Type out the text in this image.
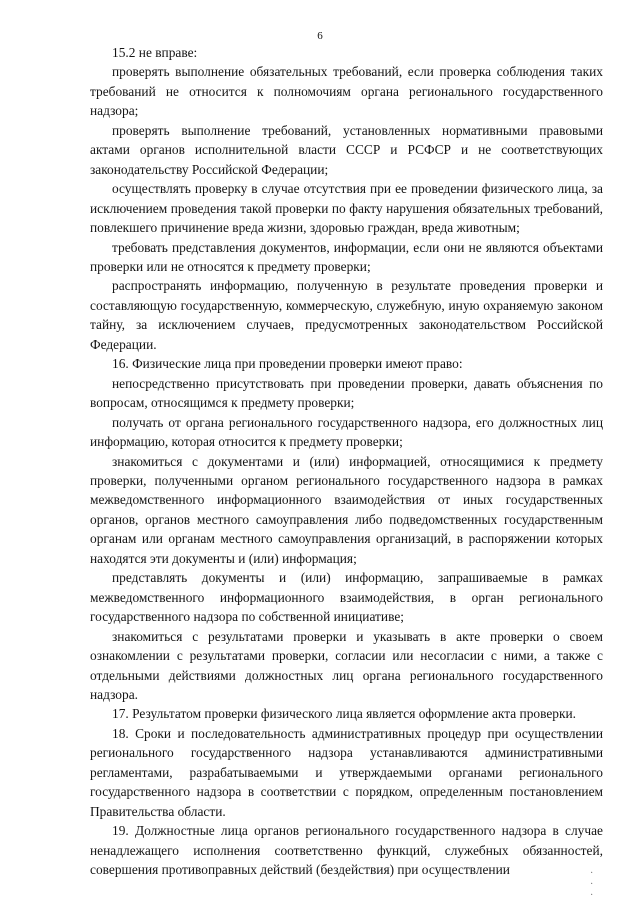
6

15.2 не вправе:

проверять выполнение обязательных требований, если проверка соблюдения таких требований не относится к полномочиям органа регионального государственного надзора;

проверять выполнение требований, установленных нормативными правовыми актами органов исполнительной власти СССР и РСФСР и не соответствующих законодательству Российской Федерации;

осуществлять проверку в случае отсутствия при ее проведении физического лица, за исключением проведения такой проверки по факту нарушения обязательных требований, повлекшего причинение вреда жизни, здоровью граждан, вреда животным;

требовать представления документов, информации, если они не являются объектами проверки или не относятся к предмету проверки;

распространять информацию, полученную в результате проведения проверки и составляющую государственную, коммерческую, служебную, иную охраняемую законом тайну, за исключением случаев, предусмотренных законодательством Российской Федерации.

16. Физические лица при проведении проверки имеют право:

непосредственно присутствовать при проведении проверки, давать объяснения по вопросам, относящимся к предмету проверки;

получать от органа регионального государственного надзора, его должностных лиц информацию, которая относится к предмету проверки;

знакомиться с документами и (или) информацией, относящимися к предмету проверки, полученными органом регионального государственного надзора в рамках межведомственного информационного взаимодействия от иных государственных органов, органов местного самоуправления либо подведомственных государственным органам или органам местного самоуправления организаций, в распоряжении которых находятся эти документы и (или) информация;

представлять документы и (или) информацию, запрашиваемые в рамках межведомственного информационного взаимодействия, в орган регионального государственного надзора по собственной инициативе;

знакомиться с результатами проверки и указывать в акте проверки о своем ознакомлении с результатами проверки, согласии или несогласии с ними, а также с отдельными действиями должностных лиц органа регионального государственного надзора.

17. Результатом проверки физического лица является оформление акта проверки.

18. Сроки и последовательность административных процедур при осуществлении регионального государственного надзора устанавливаются административными регламентами, разрабатываемыми и утверждаемыми органами регионального государственного надзора в соответствии с порядком, определенным постановлением Правительства области.

19. Должностные лица органов регионального государственного надзора в случае ненадлежащего исполнения соответственно функций, служебных обязанностей, совершения противоправных действий (бездействия) при осуществлении	· · ·
